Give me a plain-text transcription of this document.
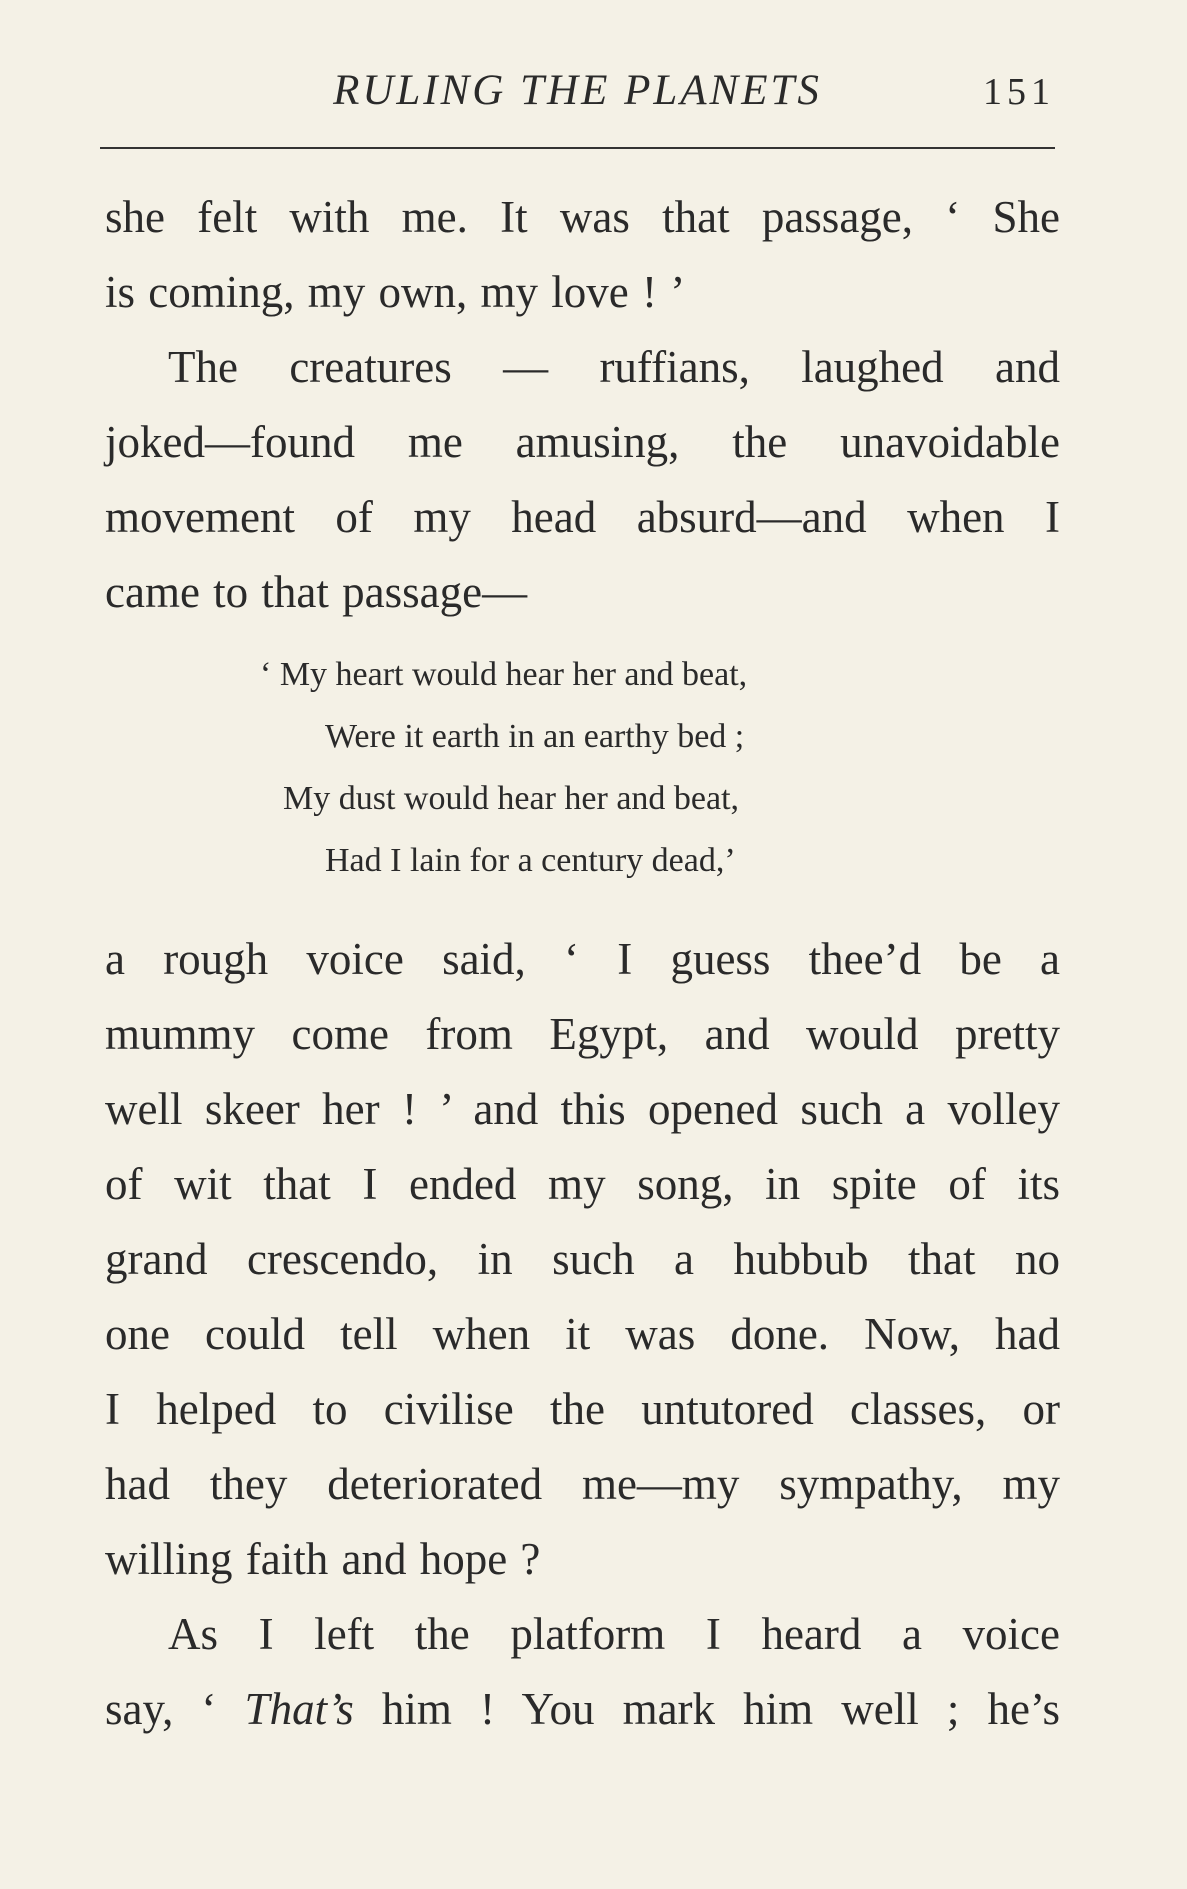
RULING THE PLANETS	151
she felt with me. It was that passage, ‘ She
is coming, my own, my love ! ’
The creatures — ruffians, laughed and
joked—found me amusing, the unavoidable
movement of my head absurd—and when I
came to that passage—
‘ My heart would hear her and beat,
Were it earth in an earthy bed ;
My dust would hear her and beat,
Had I lain for a century dead,’
a rough voice said, ‘ I guess thee’d be a
mummy come from Egypt, and would pretty
well skeer her ! ’ and this opened such a volley
of wit that I ended my song, in spite of its
grand crescendo, in such a hubbub that no
one could tell when it was done. Now, had
I helped to civilise the untutored classes, or
had they deteriorated me—my sympathy, my
willing faith and hope ?
As I left the platform I heard a voice
say, ‘ That’s him ! You mark him well ; he’s
